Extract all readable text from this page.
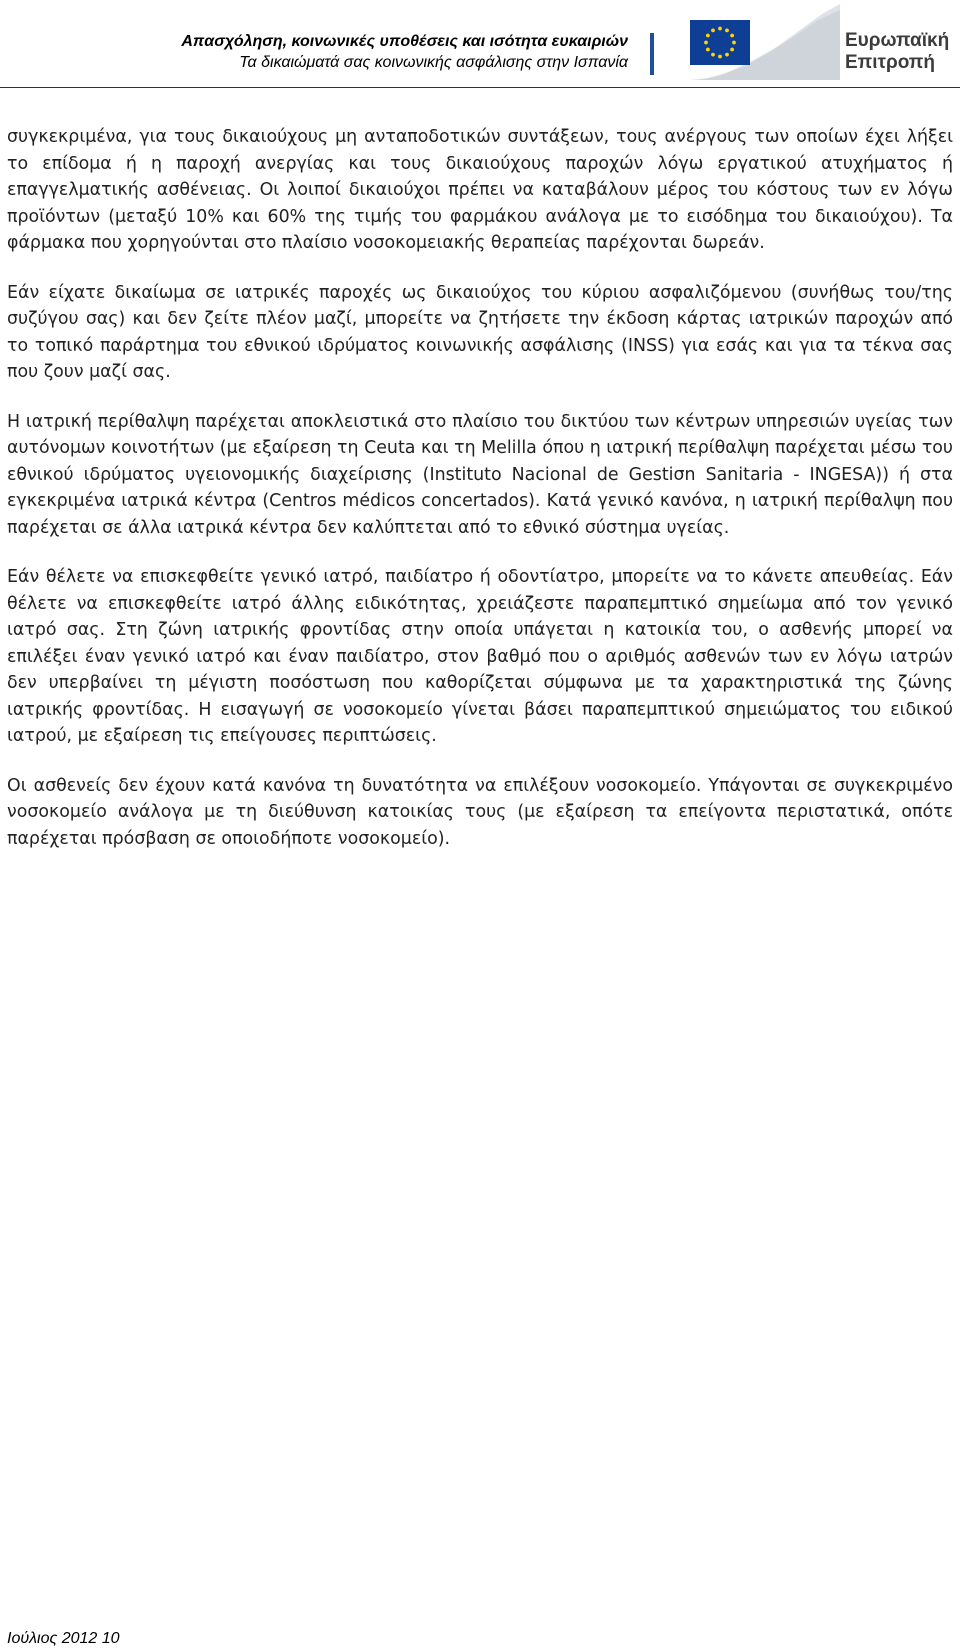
Απασχόληση, κοινωνικές υποθέσεις και ισότητα ευκαιριών
Τα δικαιώματά σας κοινωνικής ασφάλισης στην Ισπανία
Ευρωπαϊκή
Επιτροπή

συγκεκριμένα, για τους δικαιούχους μη ανταποδοτικών συντάξεων, τους ανέργους των οποίων έχει λήξει το επίδομα ή η παροχή ανεργίας και τους δικαιούχους παροχών λόγω εργατικού ατυχήματος ή επαγγελματικής ασθένειας. Οι λοιποί δικαιούχοι πρέπει να καταβάλουν μέρος του κόστους των εν λόγω προϊόντων (μεταξύ 10% και 60% της τιμής του φαρμάκου ανάλογα με το εισόδημα του δικαιούχου). Τα φάρμακα που χορηγούνται στο πλαίσιο νοσοκομειακής θεραπείας παρέχονται δωρεάν.

Εάν είχατε δικαίωμα σε ιατρικές παροχές ως δικαιούχος του κύριου ασφαλιζόμενου (συνήθως του/της συζύγου σας) και δεν ζείτε πλέον μαζί, μπορείτε να ζητήσετε την έκδοση κάρτας ιατρικών παροχών από το τοπικό παράρτημα του εθνικού ιδρύματος κοινωνικής ασφάλισης (INSS) για εσάς και για τα τέκνα σας που ζουν μαζί σας.

Η ιατρική περίθαλψη παρέχεται αποκλειστικά στο πλαίσιο του δικτύου των κέντρων υπηρεσιών υγείας των αυτόνομων κοινοτήτων (με εξαίρεση τη Ceuta και τη Melilla όπου η ιατρική περίθαλψη παρέχεται μέσω του εθνικού ιδρύματος υγειονομικής διαχείρισης (Instituto Nacional de Gestiσn Sanitaria - INGESA)) ή στα εγκεκριμένα ιατρικά κέντρα (Centros médicos concertados). Κατά γενικό κανόνα, η ιατρική περίθαλψη που παρέχεται σε άλλα ιατρικά κέντρα δεν καλύπτεται από το εθνικό σύστημα υγείας.

Εάν θέλετε να επισκεφθείτε γενικό ιατρό, παιδίατρο ή οδοντίατρο, μπορείτε να το κάνετε απευθείας. Εάν θέλετε να επισκεφθείτε ιατρό άλλης ειδικότητας, χρειάζεστε παραπεμπτικό σημείωμα από τον γενικό ιατρό σας. Στη ζώνη ιατρικής φροντίδας στην οποία υπάγεται η κατοικία του, ο ασθενής μπορεί να επιλέξει έναν γενικό ιατρό και έναν παιδίατρο, στον βαθμό που ο αριθμός ασθενών των εν λόγω ιατρών δεν υπερβαίνει τη μέγιστη ποσόστωση που καθορίζεται σύμφωνα με τα χαρακτηριστικά της ζώνης ιατρικής φροντίδας. Η εισαγωγή σε νοσοκομείο γίνεται βάσει παραπεμπτικού σημειώματος του ειδικού ιατρού, με εξαίρεση τις επείγουσες περιπτώσεις.

Οι ασθενείς δεν έχουν κατά κανόνα τη δυνατότητα να επιλέξουν νοσοκομείο. Υπάγονται σε συγκεκριμένο νοσοκομείο ανάλογα με τη διεύθυνση κατοικίας τους (με εξαίρεση τα επείγοντα περιστατικά, οπότε παρέχεται πρόσβαση σε οποιοδήποτε νοσοκομείο).

Ιούλιος 2012 10
